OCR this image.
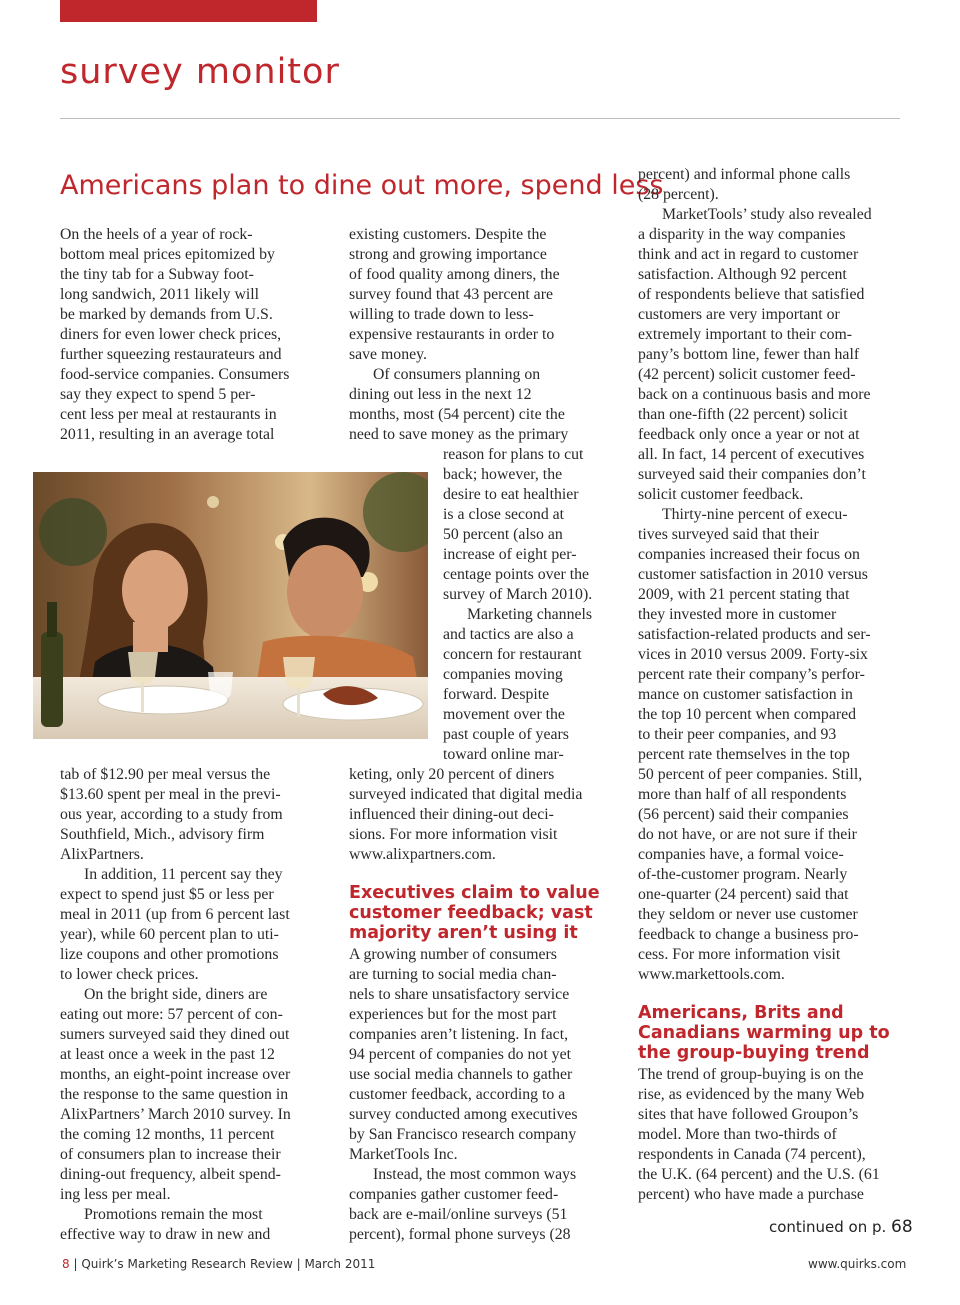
survey monitor
Americans plan to dine out more, spend less
On the heels of a year of rock-
bottom meal prices epitomized by
the tiny tab for a Subway foot-
long sandwich, 2011 likely will
be marked by demands from U.S.
diners for even lower check prices,
further squeezing restaurateurs and
food-service companies. Consumers
say they expect to spend 5 per-
cent less per meal at restaurants in
2011, resulting in an average total
tab of $12.90 per meal versus the
$13.60 spent per meal in the previ-
ous year, according to a study from
Southfield, Mich., advisory firm
AlixPartners.
In addition, 11 percent say they
expect to spend just $5 or less per
meal in 2011 (up from 6 percent last
year), while 60 percent plan to uti-
lize coupons and other promotions
to lower check prices.
On the bright side, diners are
eating out more: 57 percent of con-
sumers surveyed said they dined out
at least once a week in the past 12
months, an eight-point increase over
the response to the same question in
AlixPartners’ March 2010 survey. In
the coming 12 months, 11 percent
of consumers plan to increase their
dining-out frequency, albeit spend-
ing less per meal.
Promotions remain the most
effective way to draw in new and
existing customers. Despite the
strong and growing importance
of food quality among diners, the
survey found that 43 percent are
willing to trade down to less-
expensive restaurants in order to
save money.
Of consumers planning on
dining out less in the next 12
months, most (54 percent) cite the
need to save money as the primary
reason for plans to cut
back; however, the
desire to eat healthier
is a close second at
50 percent (also an
increase of eight per-
centage points over the
survey of March 2010).
Marketing channels
and tactics are also a
concern for restaurant
companies moving
forward. Despite
movement over the
past couple of years
toward online mar-
keting, only 20 percent of diners
surveyed indicated that digital media
influenced their dining-out deci-
sions. For more information visit
www.alixpartners.com.
Executives claim to value
customer feedback; vast
majority aren’t using it
A growing number of consumers
are turning to social media chan-
nels to share unsatisfactory service
experiences but for the most part
companies aren’t listening. In fact,
94 percent of companies do not yet
use social media channels to gather
customer feedback, according to a
survey conducted among executives
by San Francisco research company
MarketTools Inc.
Instead, the most common ways
companies gather customer feed-
back are e-mail/online surveys (51
percent), formal phone surveys (28
percent) and informal phone calls
(28 percent).
MarketTools’ study also revealed
a disparity in the way companies
think and act in regard to customer
satisfaction. Although 92 percent
of respondents believe that satisfied
customers are very important or
extremely important to their com-
pany’s bottom line, fewer than half
(42 percent) solicit customer feed-
back on a continuous basis and more
than one-fifth (22 percent) solicit
feedback only once a year or not at
all. In fact, 14 percent of executives
surveyed said their companies don’t
solicit customer feedback.
Thirty-nine percent of execu-
tives surveyed said that their
companies increased their focus on
customer satisfaction in 2010 versus
2009, with 21 percent stating that
they invested more in customer
satisfaction-related products and ser-
vices in 2010 versus 2009. Forty-six
percent rate their company’s perfor-
mance on customer satisfaction in
the top 10 percent when compared
to their peer companies, and 93
percent rate themselves in the top
50 percent of peer companies. Still,
more than half of all respondents
(56 percent) said their companies
do not have, or are not sure if their
companies have, a formal voice-
of-the-customer program. Nearly
one-quarter (24 percent) said that
they seldom or never use customer
feedback to change a business pro-
cess. For more information visit
www.markettools.com.
Americans, Brits and
Canadians warming up to
the group-buying trend
The trend of group-buying is on the
rise, as evidenced by the many Web
sites that have followed Groupon’s
model. More than two-thirds of
respondents in Canada (74 percent),
the U.K. (64 percent) and the U.S. (61
percent) who have made a purchase
continued on p. 68
8 | Quirk’s Marketing Research Review | March 2011	www.quirks.com
